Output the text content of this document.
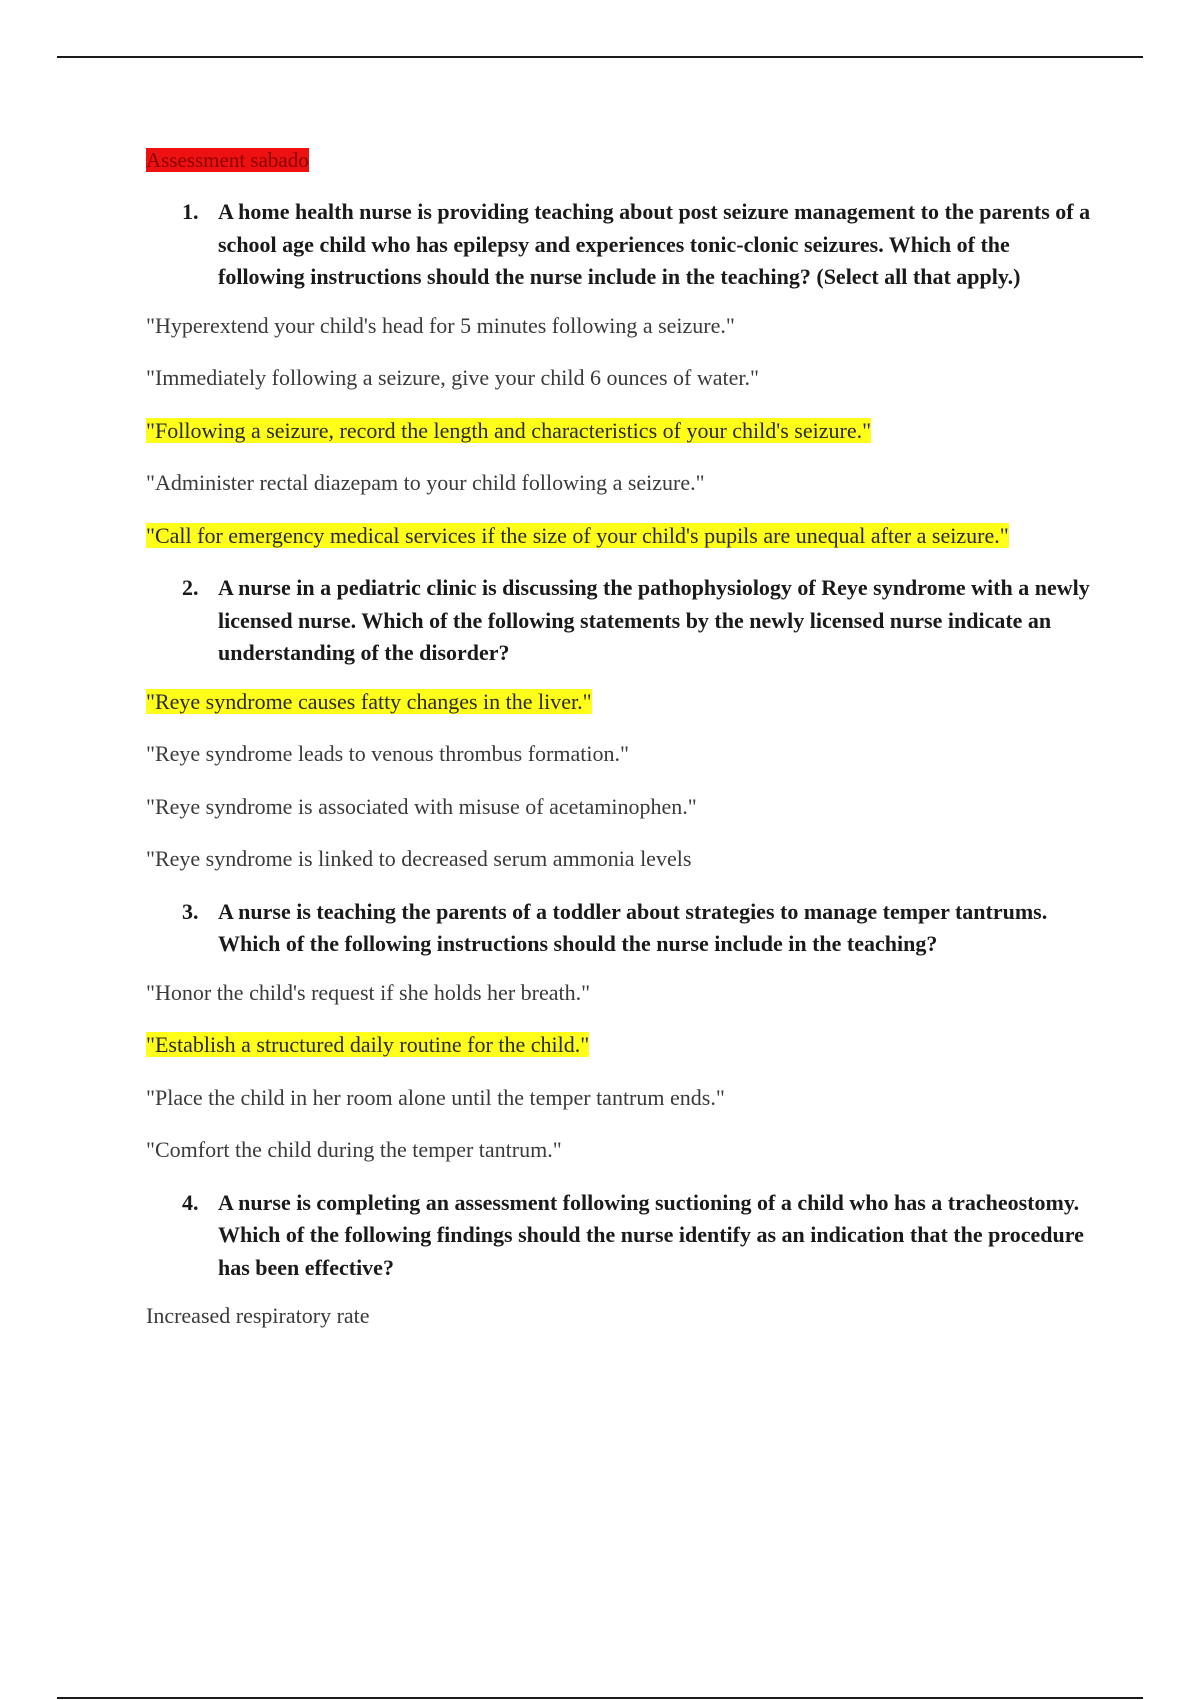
Assessment sabado

1. A home health nurse is providing teaching about post seizure management to the parents of a school age child who has epilepsy and experiences tonic-clonic seizures. Which of the following instructions should the nurse include in the teaching? (Select all that apply.)

"Hyperextend your child's head for 5 minutes following a seizure."

"Immediately following a seizure, give your child 6 ounces of water."

"Following a seizure, record the length and characteristics of your child's seizure."

"Administer rectal diazepam to your child following a seizure."

"Call for emergency medical services if the size of your child's pupils are unequal after a seizure."

2. A nurse in a pediatric clinic is discussing the pathophysiology of Reye syndrome with a newly licensed nurse. Which of the following statements by the newly licensed nurse indicate an understanding of the disorder?

"Reye syndrome causes fatty changes in the liver."

"Reye syndrome leads to venous thrombus formation."

"Reye syndrome is associated with misuse of acetaminophen."

"Reye syndrome is linked to decreased serum ammonia levels

3. A nurse is teaching the parents of a toddler about strategies to manage temper tantrums. Which of the following instructions should the nurse include in the teaching?

"Honor the child's request if she holds her breath."

"Establish a structured daily routine for the child."

"Place the child in her room alone until the temper tantrum ends."

"Comfort the child during the temper tantrum."

4. A nurse is completing an assessment following suctioning of a child who has a tracheostomy. Which of the following findings should the nurse identify as an indication that the procedure has been effective?

Increased respiratory rate
